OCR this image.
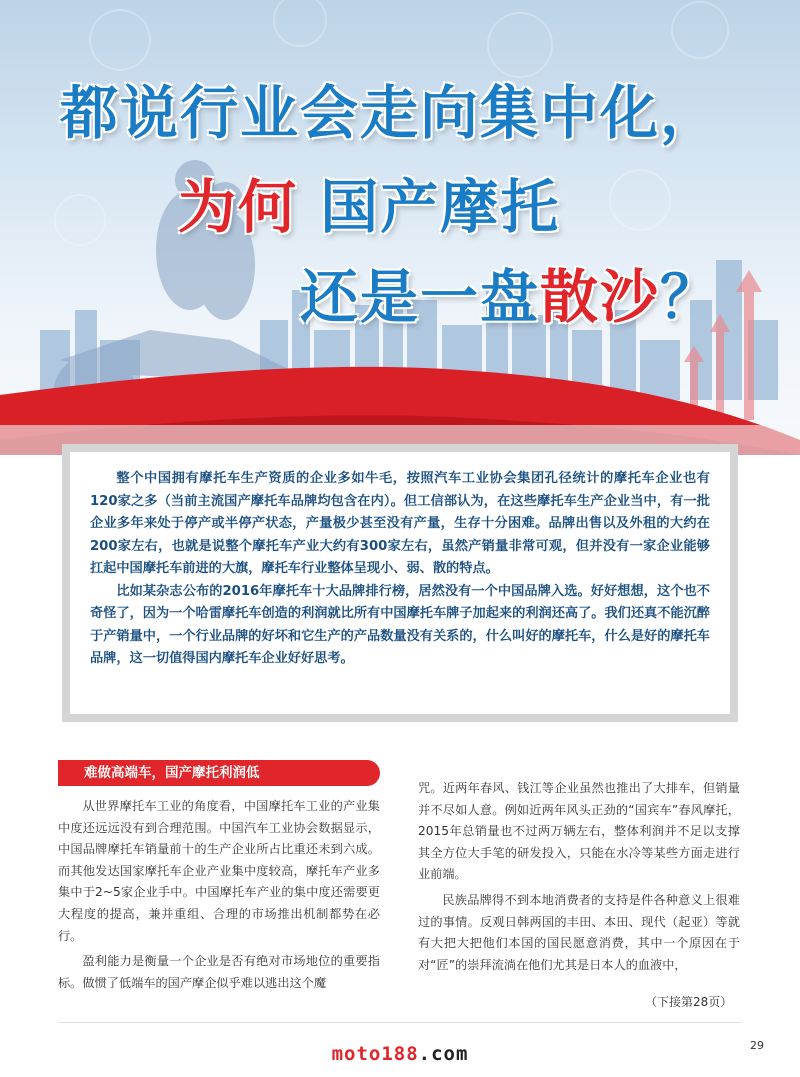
都说行业会走向集中化，
为何 国产摩托
还是一盘散沙？

整个中国拥有摩托车生产资质的企业多如牛毛，按照汽车工业协会集团孔径统计的摩托车企业也有120家之多（当前主流国产摩托车品牌均包含在内）。但工信部认为，在这些摩托车生产企业当中，有一批企业多年来处于停产或半停产状态，产量极少甚至没有产量，生存十分困难。品牌出售以及外租的大约在200家左右，也就是说整个摩托车产业大约有300家左右，虽然产销量非常可观，但并没有一家企业能够扛起中国摩托车前进的大旗，摩托车行业整体呈现小、弱、散的特点。

比如某杂志公布的2016年摩托车十大品牌排行榜，居然没有一个中国品牌入选。好好想想，这个也不奇怪了，因为一个哈雷摩托车创造的利润就比所有中国摩托车牌子加起来的利润还高了。我们还真不能沉醉于产销量中，一个行业品牌的好坏和它生产的产品数量没有关系的，什么叫好的摩托车，什么是好的摩托车品牌，这一切值得国内摩托车企业好好思考。

难做高端车，国产摩托利润低

从世界摩托车工业的角度看，中国摩托车工业的产业集中度还远远没有到合理范围。中国汽车工业协会数据显示，中国品牌摩托车销量前十的生产企业所占比重还未到六成。而其他发达国家摩托车企业产业集中度较高，摩托车产业多集中于2~5家企业手中。中国摩托车产业的集中度还需要更大程度的提高，兼并重组、合理的市场推出机制都势在必行。

盈利能力是衡量一个企业是否有绝对市场地位的重要指标。做惯了低端车的国产摩企似乎难以逃出这个魔

咒。近两年春风、钱江等企业虽然也推出了大排车，但销量并不尽如人意。例如近两年风头正劲的“国宾车”春风摩托，2015年总销量也不过两万辆左右，整体利润并不足以支撑其全方位大手笔的研发投入，只能在水冷等某些方面走进行业前端。

民族品牌得不到本地消费者的支持是件各种意义上很难过的事情。反观日韩两国的丰田、本田、现代（起亚）等就有大把大把他们本国的国民愿意消费，其中一个原因在于对“匠”的崇拜流淌在他们尤其是日本人的血液中，

（下接第28页）
29
moto188.com
